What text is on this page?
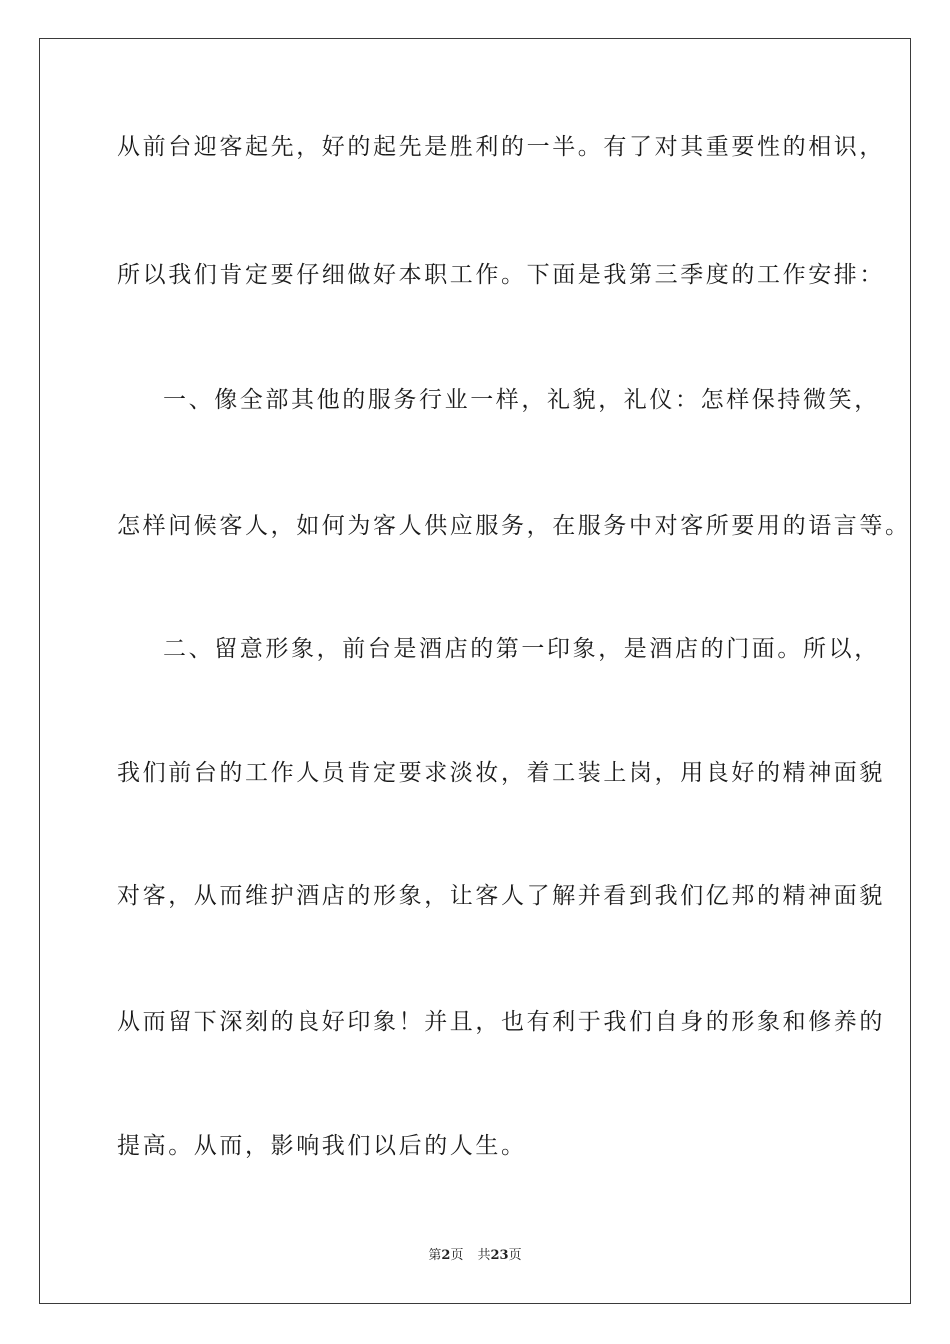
从前台迎客起先，好的起先是胜利的一半。有了对其重要性的相识，
所以我们肯定要仔细做好本职工作。下面是我第三季度的工作安排：
一、像全部其他的服务行业一样，礼貌，礼仪：怎样保持微笑，
怎样问候客人，如何为客人供应服务，在服务中对客所要用的语言等。
二、留意形象，前台是酒店的第一印象，是酒店的门面。所以，
我们前台的工作人员肯定要求淡妆，着工装上岗，用良好的精神面貌
对客，从而维护酒店的形象，让客人了解并看到我们亿邦的精神面貌
从而留下深刻的良好印象！并且，也有利于我们自身的形象和修养的
提高。从而，影响我们以后的人生。
第2页 共23页
